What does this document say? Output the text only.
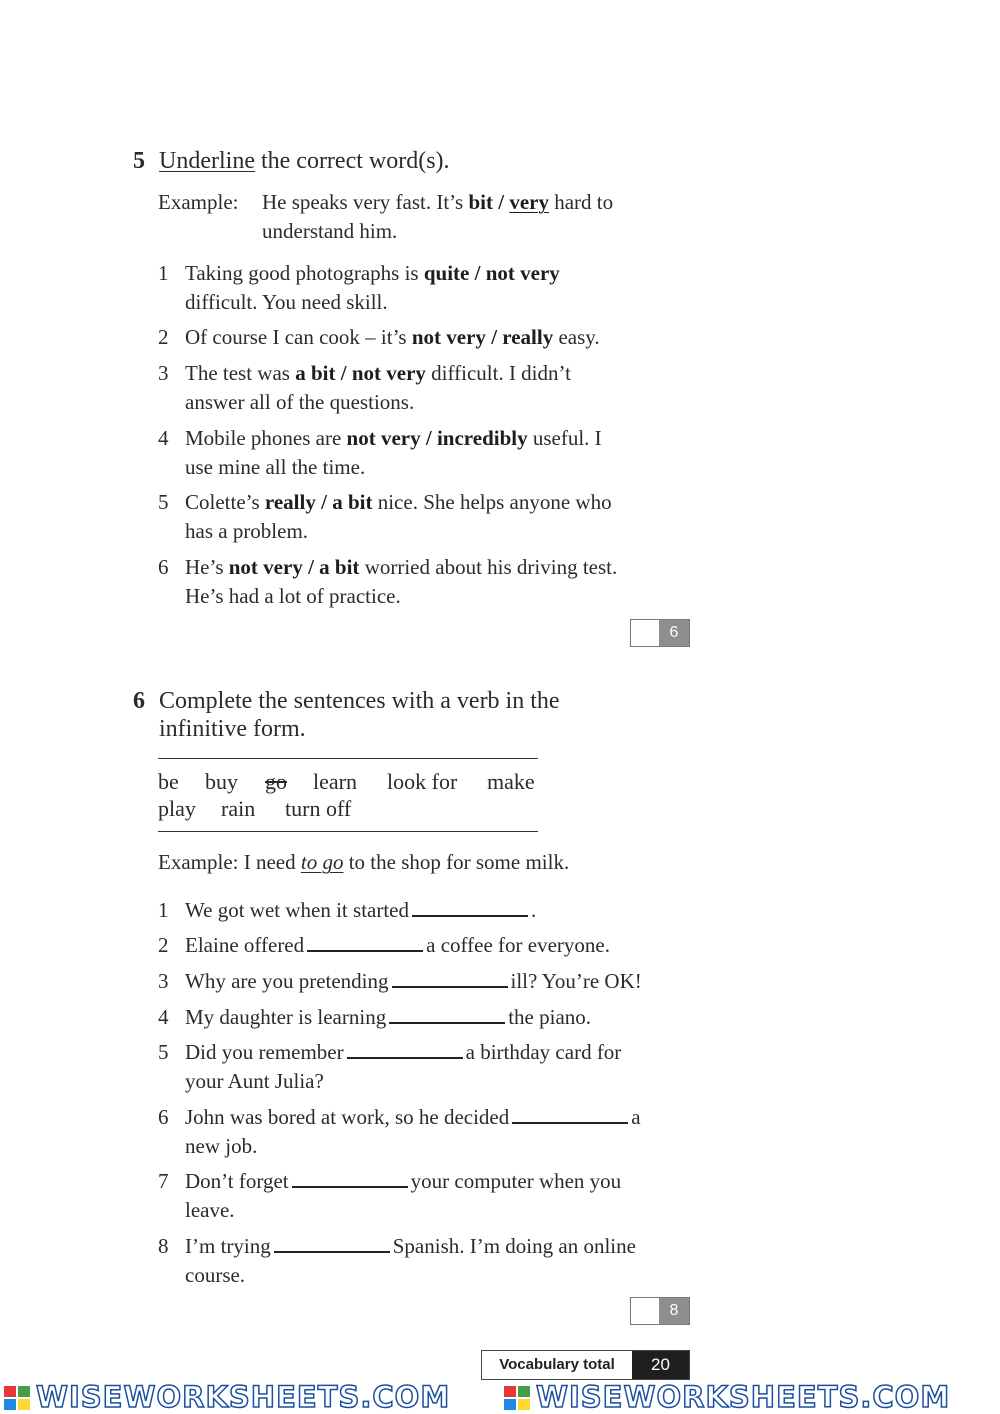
5 Underline the correct word(s).
Example: He speaks very fast. It’s bit / very hard to
understand him.
1 Taking good photographs is quite / not very
difficult. You need skill.
2 Of course I can cook – it’s not very / really easy.
3 The test was a bit / not very difficult. I didn’t
answer all of the questions.
4 Mobile phones are not very / incredibly useful. I
use mine all the time.
5 Colette’s really / a bit nice. She helps anyone who
has a problem.
6 He’s not very / a bit worried about his driving test.
He’s had a lot of practice.
6
6 Complete the sentences with a verb in the
infinitive form.
be buy go learn look for make
play rain turn off
Example: I need to go to the shop for some milk.
1 We got wet when it started	.
2 Elaine offered	a coffee for everyone.
3 Why are you pretending	ill? You’re OK!
4 My daughter is learning	the piano.
5 Did you remember	a birthday card for
your Aunt Julia?
6 John was bored at work, so he decided	a
new job.
7 Don’t forget	your computer when you
leave.
8 I’m trying	Spanish. I’m doing an online
course.
8
Vocabulary total	20
WISEWORKSHEETS.COM	WISEWORKSHEETS.COM
